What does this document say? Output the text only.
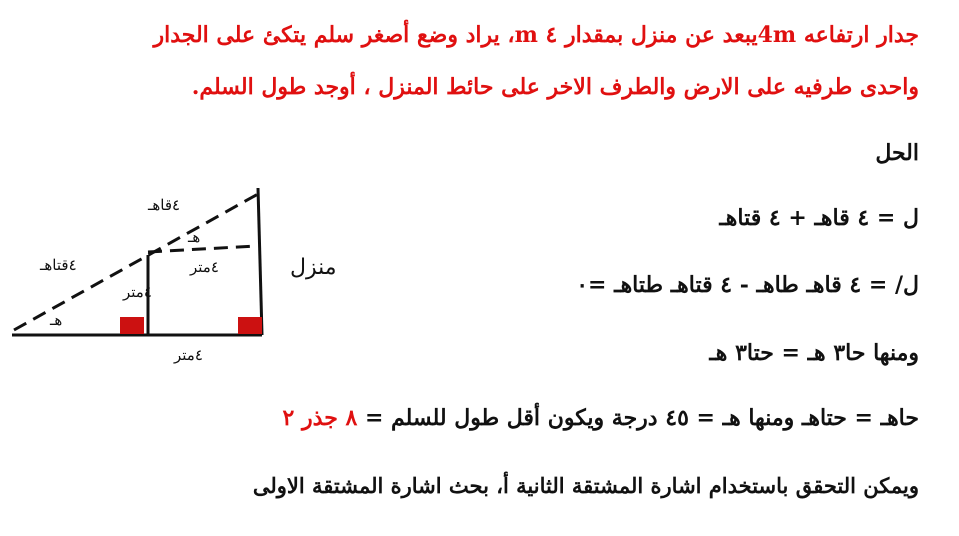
جدار ارتفاعه 4mيبعد عن منزل بمقدار ٤ m، يراد وضع أصغر سلم يتكئ على الجدار
واحدى طرفيه على الارض والطرف الاخر على حائط المنزل ، أوجد طول السلم.
الحل
ل = ٤ قاهـ + ٤ قتاهـ
ل/ = ٤ قاهـ طاهـ - ٤ قتاهـ طتاهـ =٠
ومنها حا٣ هـ = حتا٣ هـ
حاهـ = حتاهـ ومنها هـ = ٤٥ درجة ويكون أقل طول للسلم = ٨ جذر ٢
ويمكن التحقق باستخدام اشارة المشتقة الثانية أ، بحث اشارة المشتقة الاولى
٤قاهـ
هـ
٤متر
٤قتاهـ
٤متر
هـ
٤متر
منزل
